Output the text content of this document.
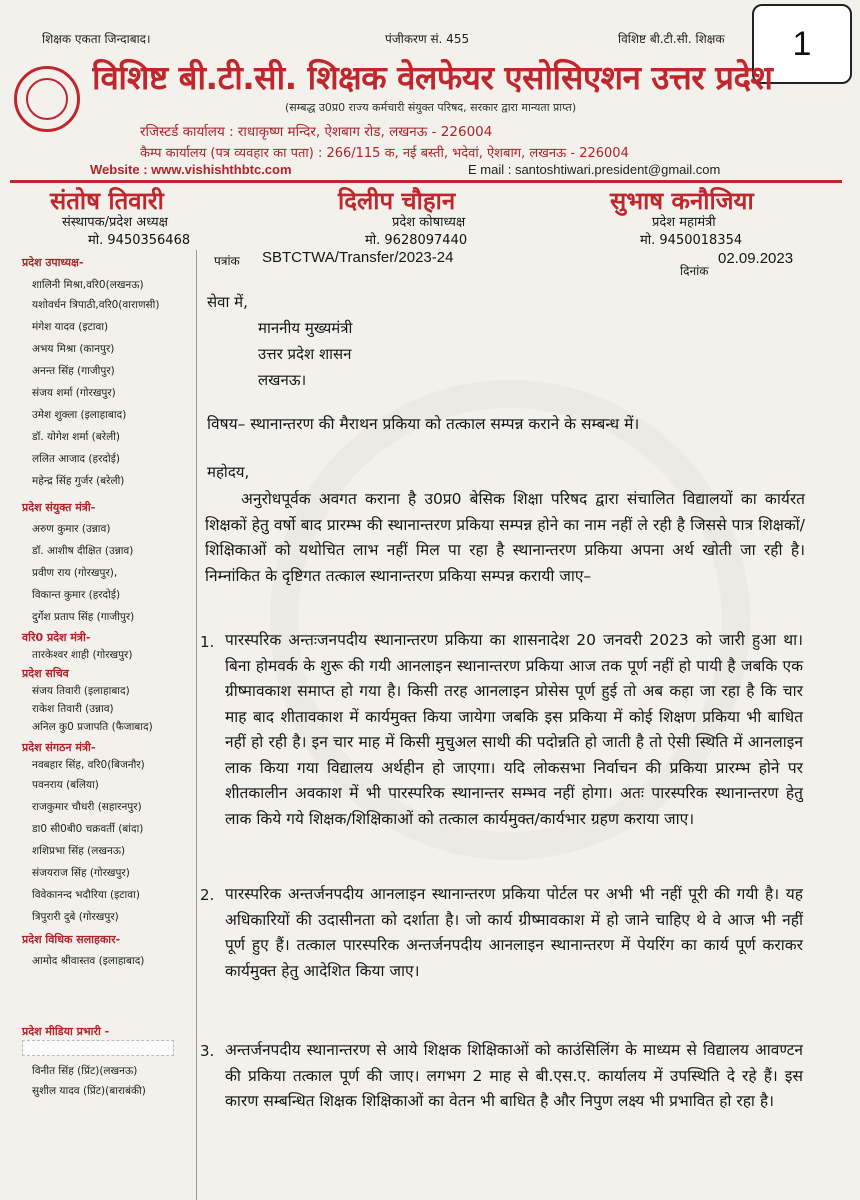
शिक्षक एकता जिन्दाबाद।	पंजीकरण सं. 455	विशिष्ट बी.टी.सी. शिक्षक	1
विशिष्ट बी.टी.सी. शिक्षक वेलफेयर एसोसिएशन उत्तर प्रदेश
(सम्बद्ध उ0प्र0 राज्य कर्मचारी संयुक्त परिषद, सरकार द्वारा मान्यता प्राप्त)
रजिस्टर्ड कार्यालय : राधाकृष्ण मन्दिर, ऐशबाग रोड, लखनऊ - 226004
कैम्प कार्यालय (पत्र व्यवहार का पता) : 266/115 क, नई बस्ती, भदेवां, ऐशबाग, लखनऊ - 226004
Website : www.vishishthbtc.com	E mail : santoshtiwari.president@gmail.com
संतोष तिवारी
संस्थापक/प्रदेश अध्यक्ष
मो. 9450356468
दिलीप चौहान
प्रदेश कोषाध्यक्ष
मो. 9628097440
सुभाष कनौजिया
प्रदेश महामंत्री
मो. 9450018354
पत्रांक SBTCTWA/Transfer/2023-24
दिनांक
02.09.2023
सेवा में,
माननीय मुख्यमंत्री
उत्तर प्रदेश शासन
लखनऊ।
विषय– स्थानान्तरण की मैराथन प्रकिया को तत्काल सम्पन्न कराने के सम्बन्ध में।
महोदय,
अनुरोधपूर्वक अवगत कराना है उ0प्र0 बेसिक शिक्षा परिषद द्वारा संचालित विद्यालयों का कार्यरत शिक्षकों हेतु वर्षो बाद प्रारम्भ की स्थानान्तरण प्रकिया सम्पन्न होने का नाम नहीं ले रही है जिससे पात्र शिक्षकों/शिक्षिकाओं को यथोचित लाभ नहीं मिल पा रहा है स्थानान्तरण प्रकिया अपना अर्थ खोती जा रही है। निम्नांकित के दृष्टिगत तत्काल स्थानान्तरण प्रकिया सम्पन्न करायी जाए–
1. पारस्परिक अन्तःजनपदीय स्थानान्तरण प्रकिया का शासनादेश 20 जनवरी 2023 को जारी हुआ था। बिना होमवर्क के शुरू की गयी आनलाइन स्थानान्तरण प्रकिया आज तक पूर्ण नहीं हो पायी है जबकि एक ग्रीष्मावकाश समाप्त हो गया है। किसी तरह आनलाइन प्रोसेस पूर्ण हुई तो अब कहा जा रहा है कि चार माह बाद शीतावकाश में कार्यमुक्त किया जायेगा जबकि इस प्रकिया में कोई शिक्षण प्रकिया भी बाधित नहीं हो रही है। इन चार माह में किसी मुचुअल साथी की पदोन्नति हो जाती है तो ऐसी स्थिति में आनलाइन लाक किया गया विद्यालय अर्थहीन हो जाएगा। यदि लोकसभा निर्वाचन की प्रकिया प्रारम्भ होने पर शीतकालीन अवकाश में भी पारस्परिक स्थानान्तर सम्भव नहीं होगा। अतः पारस्परिक स्थानान्तरण हेतु लाक किये गये शिक्षक/शिक्षिकाओं को तत्काल कार्यमुक्त/कार्यभार ग्रहण कराया जाए।
2. पारस्परिक अन्तर्जनपदीय आनलाइन स्थानान्तरण प्रकिया पोर्टल पर अभी भी नहीं पूरी की गयी है। यह अधिकारियों की उदासीनता को दर्शाता है। जो कार्य ग्रीष्मावकाश में हो जाने चाहिए थे वे आज भी नहीं पूर्ण हुए हैं। तत्काल पारस्परिक अन्तर्जनपदीय आनलाइन स्थानान्तरण में पेयरिंग का कार्य पूर्ण कराकर कार्यमुक्त हेतु आदेशित किया जाए।
3. अन्तर्जनपदीय स्थानान्तरण से आये शिक्षक शिक्षिकाओं को काउंसिलिंग के माध्यम से विद्यालय आवण्टन की प्रकिया तत्काल पूर्ण की जाए। लगभग 2 माह से बी.एस.ए. कार्यालय में उपस्थिति दे रहे हैं। इस कारण सम्बन्धित शिक्षक शिक्षिकाओं का वेतन भी बाधित है और निपुण लक्ष्य भी प्रभावित हो रहा है।
प्रदेश उपाध्यक्ष-
शालिनी मिश्रा,वरि0(लखनऊ)
यशोवर्धन त्रिपाठी,वरि0(वाराणसी)
मंगेश यादव (इटावा)
अभय मिश्रा (कानपुर)
अनन्त सिंह (गाजीपुर)
संजय शर्मा (गोरखपुर)
उमेश शुक्ला (इलाहाबाद)
डॉ. योगेश शर्मा (बरेली)
ललित आजाद (हरदोई)
महेन्द्र सिंह गुर्जर (बरेली)
प्रदेश संयुक्त मंत्री-
अरुण कुमार (उन्नाव)
डॉ. आशीष दीक्षित (उन्नाव)
प्रवीण राय (गोरखपुर),
विकान्त कुमार (हरदोई)
दुर्गेश प्रताप सिंह (गाजीपुर)
वरि0 प्रदेश मंत्री-
तारकेश्वर शाही (गोरखपुर)
प्रदेश सचिव
संजय तिवारी (इलाहाबाद)
राकेश तिवारी (उन्नाव)
अनिल कु0 प्रजापति (फैजाबाद)
प्रदेश संगठन मंत्री-
नवबहार सिंह, वरि0(बिजनौर)
पवनराय (बलिया)
राजकुमार चौधरी (सहारनपुर)
डा0 सी0बी0 चक्रवर्ती (बांदा)
शशिप्रभा सिंह (लखनऊ)
संजयराज सिंह (गोरखपुर)
विवेकानन्द भदौरिया (इटावा)
त्रिपुरारी दुबे (गोरखपुर)
प्रदेश विधिक सलाहकार-
आमोद श्रीवास्तव (इलाहाबाद)
प्रदेश मीडिया प्रभारी -
विनीत सिंह (प्रिंट)(लखनऊ)
सुशील यादव (प्रिंट)(बाराबंकी)
